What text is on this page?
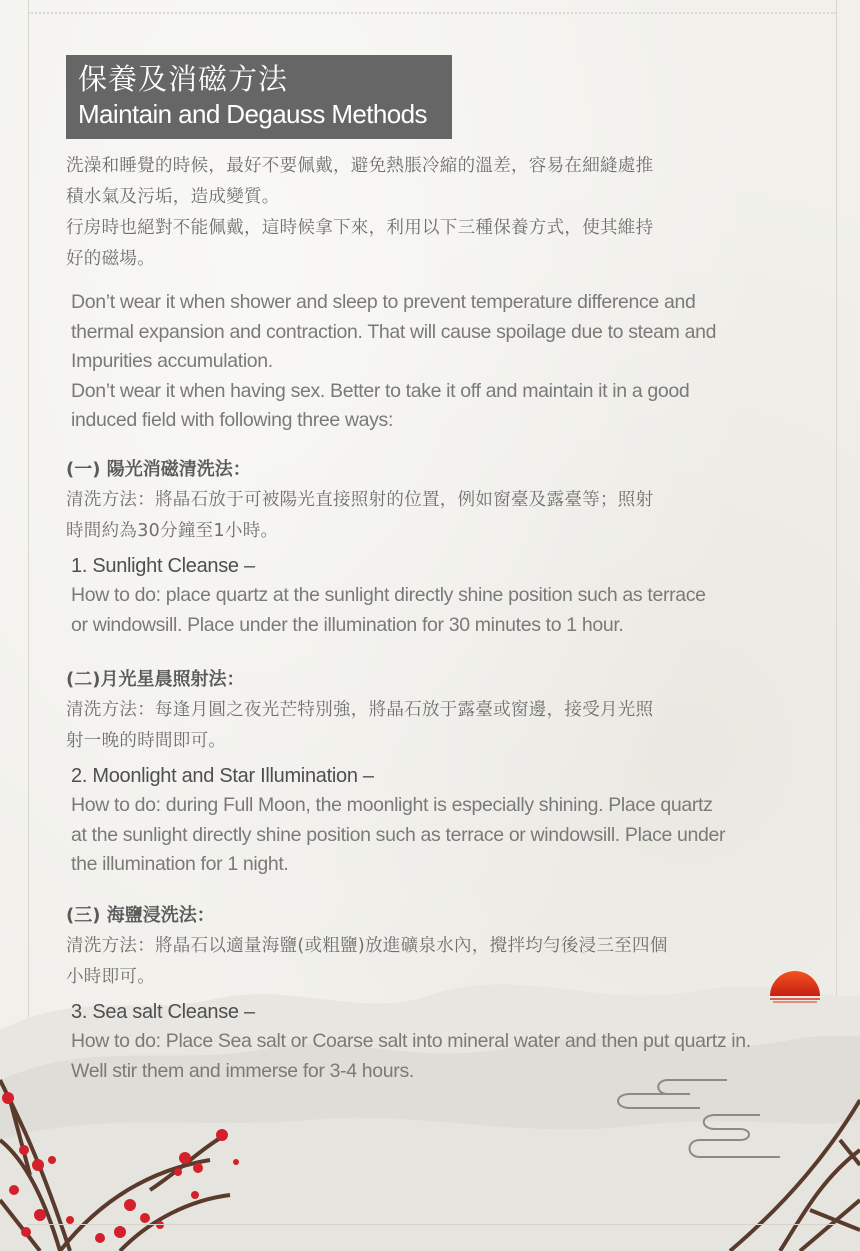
保養及消磁方法
Maintain and Degauss Methods
洗澡和睡覺的時候，最好不要佩戴，避免熱脹冷縮的溫差，容易在細縫處推
積水氣及污垢，造成變質。
行房時也絕對不能佩戴，這時候拿下來，利用以下三種保養方式，使其維持
好的磁場。
Don’t wear it when shower and sleep to prevent temperature difference and
thermal expansion and contraction. That will cause spoilage due to steam and
Impurities accumulation.
Don’t wear it when having sex. Better to take it off and maintain it in a good
induced field with following three ways:
(一) 陽光消磁清洗法：
清洗方法：將晶石放于可被陽光直接照射的位置，例如窗臺及露臺等；照射
時間約為30分鐘至1小時。
1. Sunlight Cleanse –
How to do: place quartz at the sunlight directly shine position such as terrace
or windowsill. Place under the illumination for 30 minutes to 1 hour.
(二)月光星晨照射法：
清洗方法：每逢月圓之夜光芒特別強，將晶石放于露臺或窗邊，接受月光照
射一晚的時間即可。
2. Moonlight and Star Illumination –
How to do: during Full Moon, the moonlight is especially shining. Place quartz
at the sunlight directly shine position such as terrace or windowsill. Place under
the illumination for 1 night.
(三) 海鹽浸洗法：
清洗方法：將晶石以適量海鹽(或粗鹽)放進礦泉水內，攪拌均勻後浸三至四個
小時即可。
3. Sea salt Cleanse –
How to do: Place Sea salt or Coarse salt into mineral water and then put quartz in.
Well stir them and immerse for 3-4 hours.
